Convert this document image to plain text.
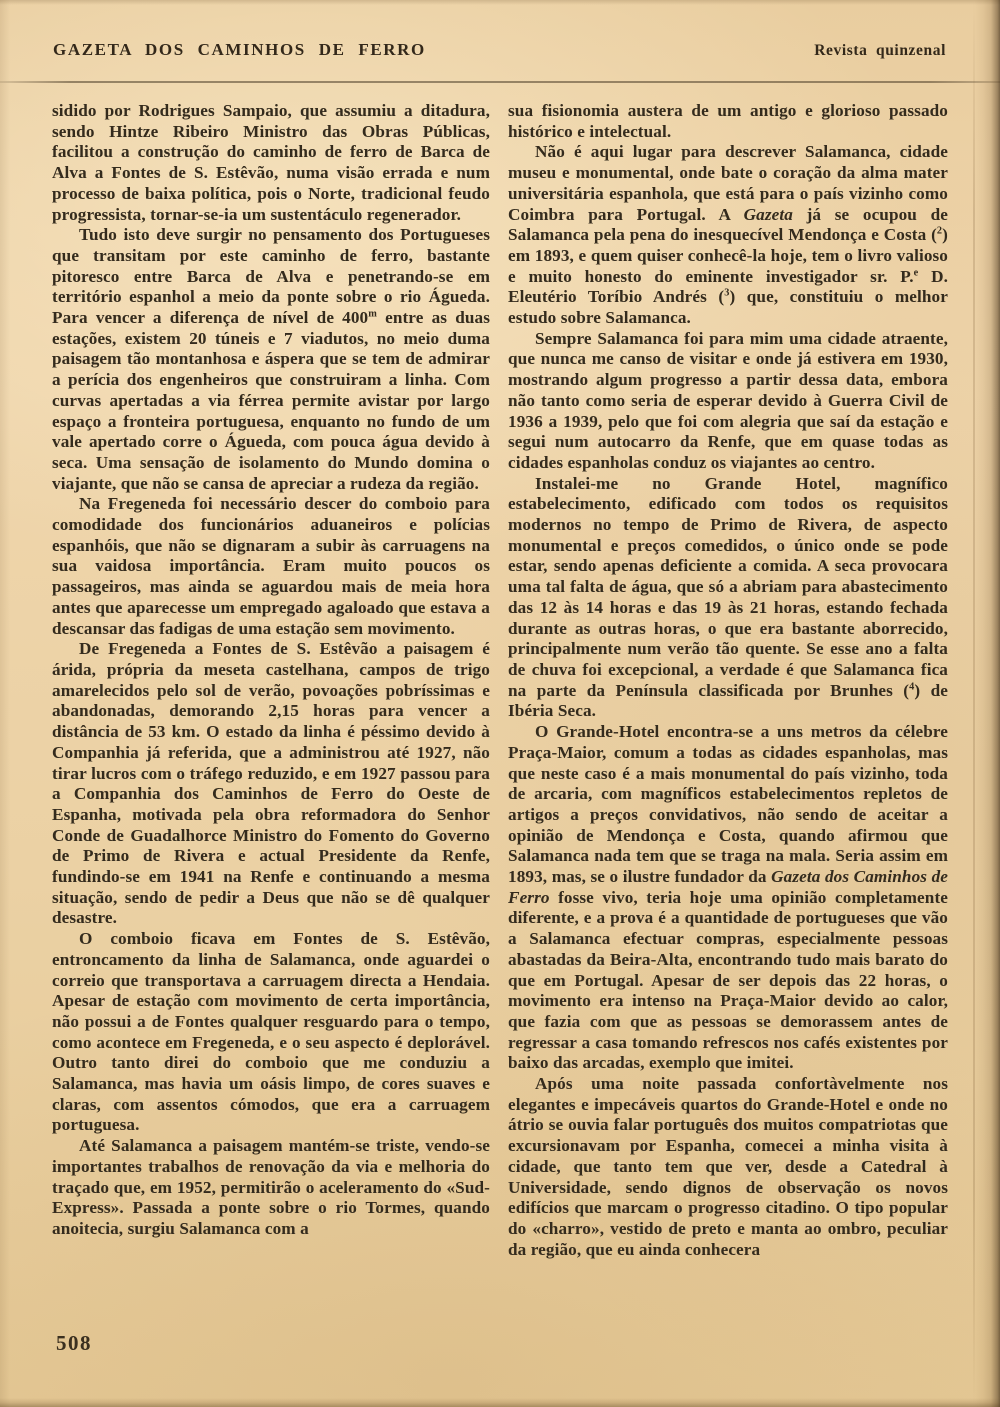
GAZETA DOS CAMINHOS DE FERRO	Revista quinzenal

sidido por Rodrigues Sampaio, que assumiu a ditadura, sendo Hintze Ribeiro Ministro das Obras Públicas, facilitou a construção do caminho de ferro de Barca de Alva a Fontes de S. Estêvão, numa visão errada e num processo de baixa política, pois o Norte, tradicional feudo progressista, tornar-se-ia um sustentáculo regenerador.

Tudo isto deve surgir no pensamento dos Portugueses que transitam por este caminho de ferro, bastante pitoresco entre Barca de Alva e penetrando-se em território espanhol a meio da ponte sobre o rio Águeda. Para vencer a diferença de nível de 400$^m$ entre as duas estações, existem 20 túneis e 7 viadutos, no meio duma paisagem tão montanhosa e áspera que se tem de admirar a perícia dos engenheiros que construiram a linha. Com curvas apertadas a via férrea permite avistar por largo espaço a fronteira portuguesa, enquanto no fundo de um vale apertado corre o Águeda, com pouca água devido à seca. Uma sensação de isolamento do Mundo domina o viajante, que não se cansa de apreciar a rudeza da região.

Na Fregeneda foi necessário descer do comboio para comodidade dos funcionários aduaneiros e polícias espanhóis, que não se dignaram a subir às carruagens na sua vaidosa importância. Eram muito poucos os passageiros, mas ainda se aguardou mais de meia hora antes que aparecesse um empregado agaloado que estava a descansar das fadigas de uma estação sem movimento.

De Fregeneda a Fontes de S. Estêvão a paisagem é árida, própria da meseta castelhana, campos de trigo amarelecidos pelo sol de verão, povoações pobríssimas e abandonadas, demorando 2,15 horas para vencer a distância de 53 km. O estado da linha é péssimo devido à Companhia já referida, que a administrou até 1927, não tirar lucros com o tráfego reduzido, e em 1927 passou para a Companhia dos Caminhos de Ferro do Oeste de Espanha, motivada pela obra reformadora do Senhor Conde de Guadalhorce Ministro do Fomento do Governo de Primo de Rivera e actual Presidente da Renfe, fundindo-se em 1941 na Renfe e continuando a mesma situação, sendo de pedir a Deus que não se dê qualquer desastre.

O comboio ficava em Fontes de S. Estêvão, entroncamento da linha de Salamanca, onde aguardei o correio que transportava a carruagem directa a Hendaia. Apesar de estação com movimento de certa importância, não possui a de Fontes qualquer resguardo para o tempo, como acontece em Fregeneda, e o seu aspecto é deplorável. Outro tanto direi do comboio que me conduziu a Salamanca, mas havia um oásis limpo, de cores suaves e claras, com assentos cómodos, que era a carruagem portuguesa.

Até Salamanca a paisagem mantém-se triste, vendo-se importantes trabalhos de renovação da via e melhoria do traçado que, em 1952, permitirão o aceleramento do «Sud-Express». Passada a ponte sobre o rio Tormes, quando anoitecia, surgiu Salamanca com a

sua fisionomia austera de um antigo e glorioso passado histórico e intelectual.

Não é aqui lugar para descrever Salamanca, cidade museu e monumental, onde bate o coração da alma mater universitária espanhola, que está para o país vizinho como Coimbra para Portugal. A Gazeta já se ocupou de Salamanca pela pena do inesquecível Mendonça e Costa ($^2$) em 1893, e quem quiser conhecê-la hoje, tem o livro valioso e muito honesto do eminente investigador sr. P.$^e$ D. Eleutério Toríbio Andrés ($^3$) que, constituiu o melhor estudo sobre Salamanca.

Sempre Salamanca foi para mim uma cidade atraente, que nunca me canso de visitar e onde já estivera em 1930, mostrando algum progresso a partir dessa data, embora não tanto como seria de esperar devido à Guerra Civil de 1936 a 1939, pelo que foi com alegria que saí da estação e segui num autocarro da Renfe, que em quase todas as cidades espanholas conduz os viajantes ao centro.

Instalei-me no Grande Hotel, magnífico estabelecimento, edificado com todos os requisitos modernos no tempo de Primo de Rivera, de aspecto monumental e preços comedidos, o único onde se pode estar, sendo apenas deficiente a comida. A seca provocara uma tal falta de água, que só a abriam para abastecimento das 12 às 14 horas e das 19 às 21 horas, estando fechada durante as outras horas, o que era bastante aborrecido, principalmente num verão tão quente. Se esse ano a falta de chuva foi excepcional, a verdade é que Salamanca fica na parte da Península classificada por Brunhes ($^4$) de Ibéria Seca.

O Grande-Hotel encontra-se a uns metros da célebre Praça-Maior, comum a todas as cidades espanholas, mas que neste caso é a mais monumental do país vizinho, toda de arcaria, com magníficos estabelecimentos repletos de artigos a preços convidativos, não sendo de aceitar a opinião de Mendonça e Costa, quando afirmou que Salamanca nada tem que se traga na mala. Seria assim em 1893, mas, se o ilustre fundador da Gazeta dos Caminhos de Ferro fosse vivo, teria hoje uma opinião completamente diferente, e a prova é a quantidade de portugueses que vão a Salamanca efectuar compras, especialmente pessoas abastadas da Beira-Alta, encontrando tudo mais barato do que em Portugal. Apesar de ser depois das 22 horas, o movimento era intenso na Praça-Maior devido ao calor, que fazia com que as pessoas se demorassem antes de regressar a casa tomando refrescos nos cafés existentes por baixo das arcadas, exemplo que imitei.

Após uma noite passada confortàvelmente nos elegantes e impecáveis quartos do Grande-Hotel e onde no átrio se ouvia falar português dos muitos compatriotas que excursionavam por Espanha, comecei a minha visita à cidade, que tanto tem que ver, desde a Catedral à Universidade, sendo dignos de observação os novos edifícios que marcam o progresso citadino. O tipo popular do «charro», vestido de preto e manta ao ombro, peculiar da região, que eu ainda conhecera

508
